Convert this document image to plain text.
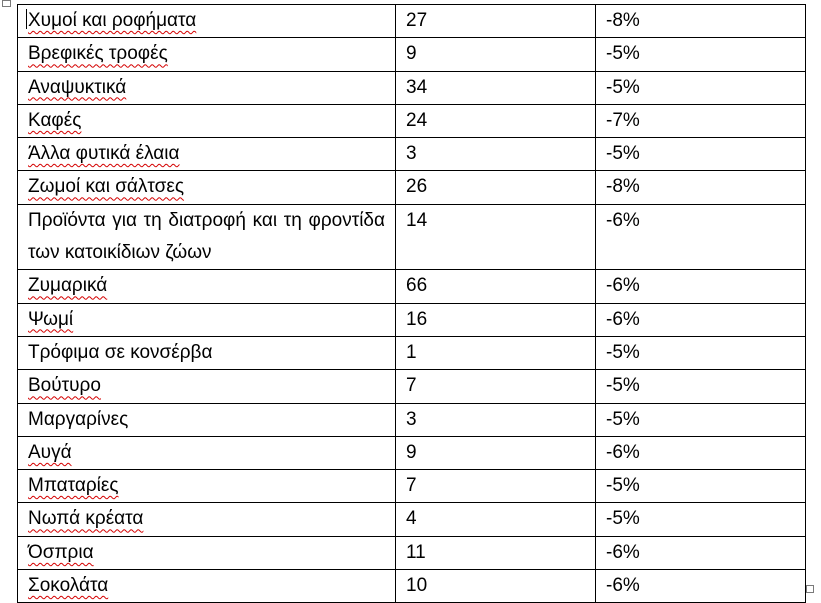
Χυμοί και ροφήματα	27	-8%
Βρεφικές τροφές	9	-5%
Αναψυκτικά	34	-5%
Καφές	24	-7%
Άλλα φυτικά έλαια	3	-5%
Ζωμοί και σάλτσες	26	-8%
Προϊόντα για τη διατροφή και τη φροντίδα των κατοικίδιων ζώων	14	-6%
Ζυμαρικά	66	-6%
Ψωμί	16	-6%
Τρόφιμα σε κονσέρβα	1	-5%
Βούτυρο	7	-5%
Μαργαρίνες	3	-5%
Αυγά	9	-6%
Μπαταρίες	7	-5%
Νωπά κρέατα	4	-5%
Όσπρια	11	-6%
Σοκολάτα	10	-6%
